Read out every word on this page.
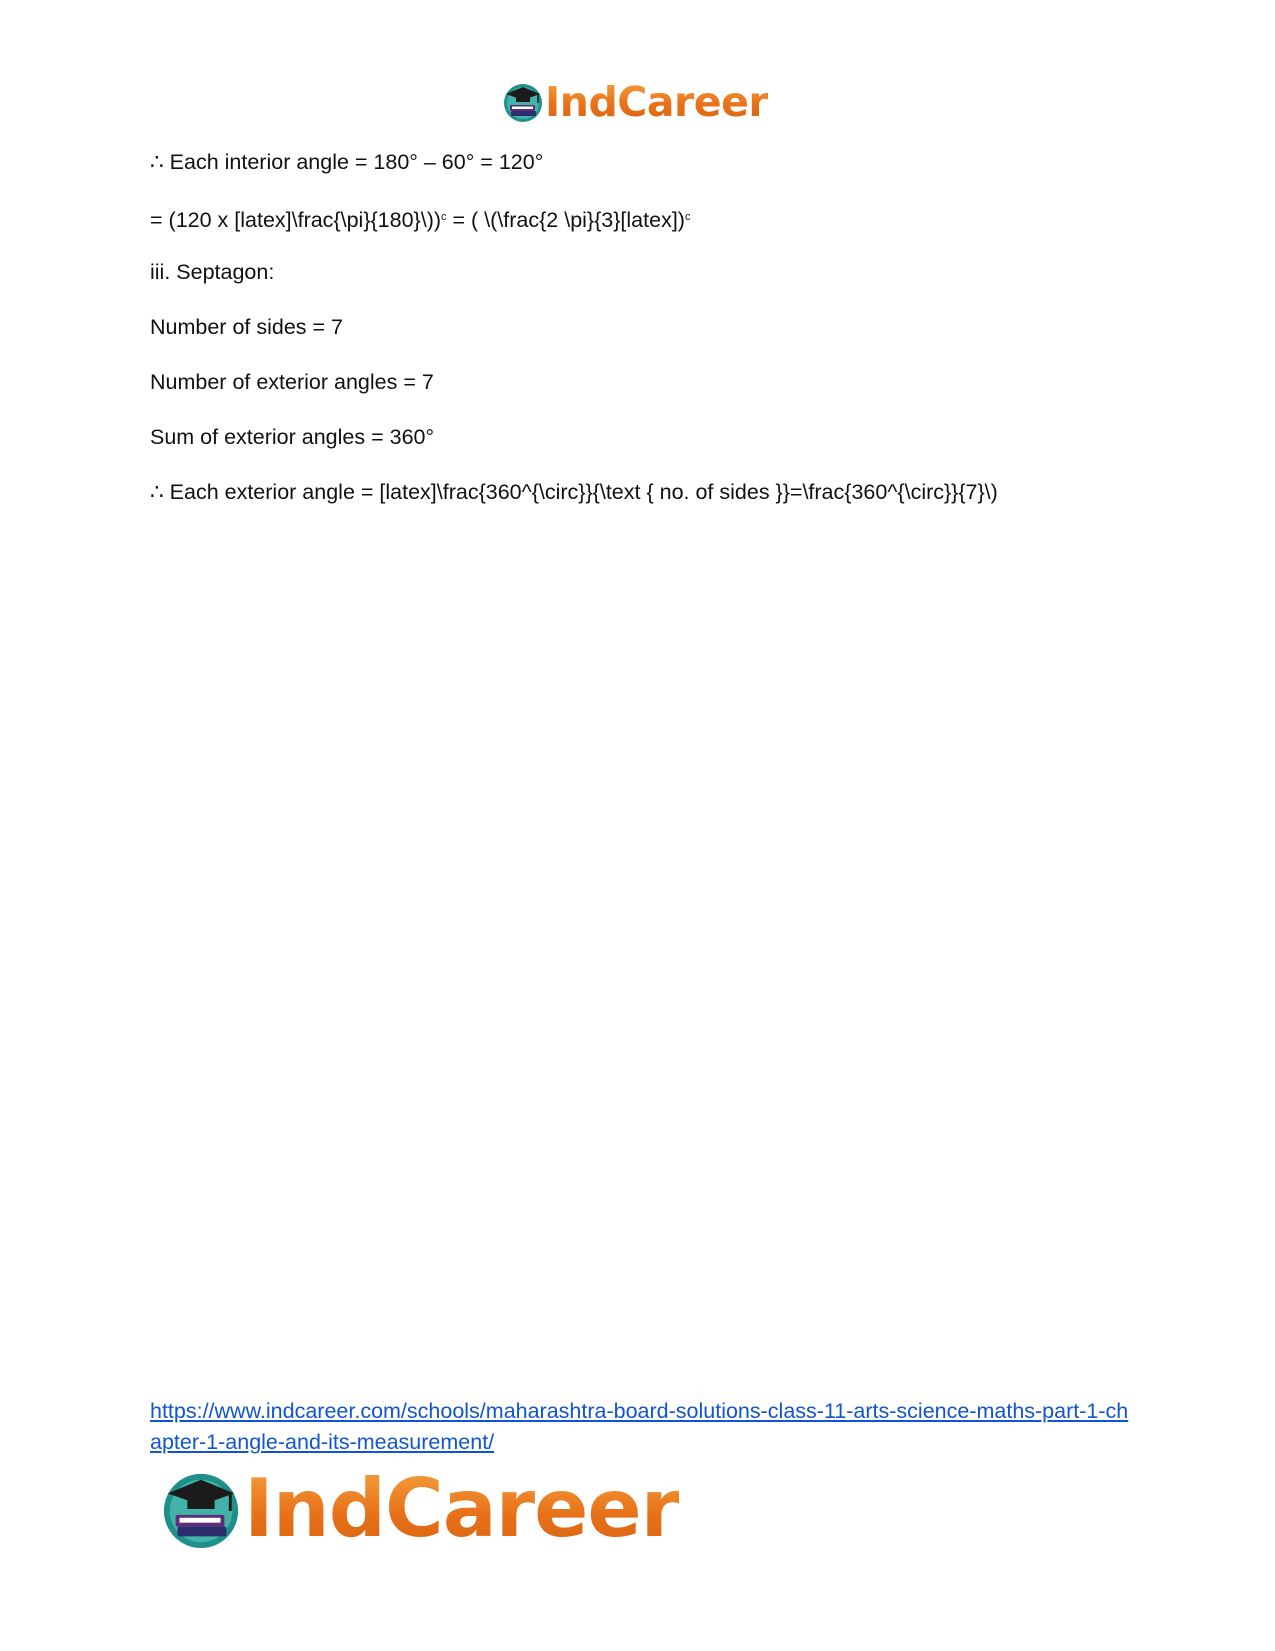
IndCareer
∴ Each interior angle = 180° – 60° = 120°
= (120 x [latex]\frac{\pi}{180}\))$^c$ = ( \(\frac{2 \pi}{3}[latex])$^c$
iii. Septagon:
Number of sides = 7
Number of exterior angles = 7
Sum of exterior angles = 360°
∴ Each exterior angle = [latex]\frac{360^{\circ}}{\text { no. of sides }}=\frac{360^{\circ}}{7}\)
https://www.indcareer.com/schools/maharashtra-board-solutions-class-11-arts-science-maths-part-1-chapter-1-angle-and-its-measurement/
IndCareer
